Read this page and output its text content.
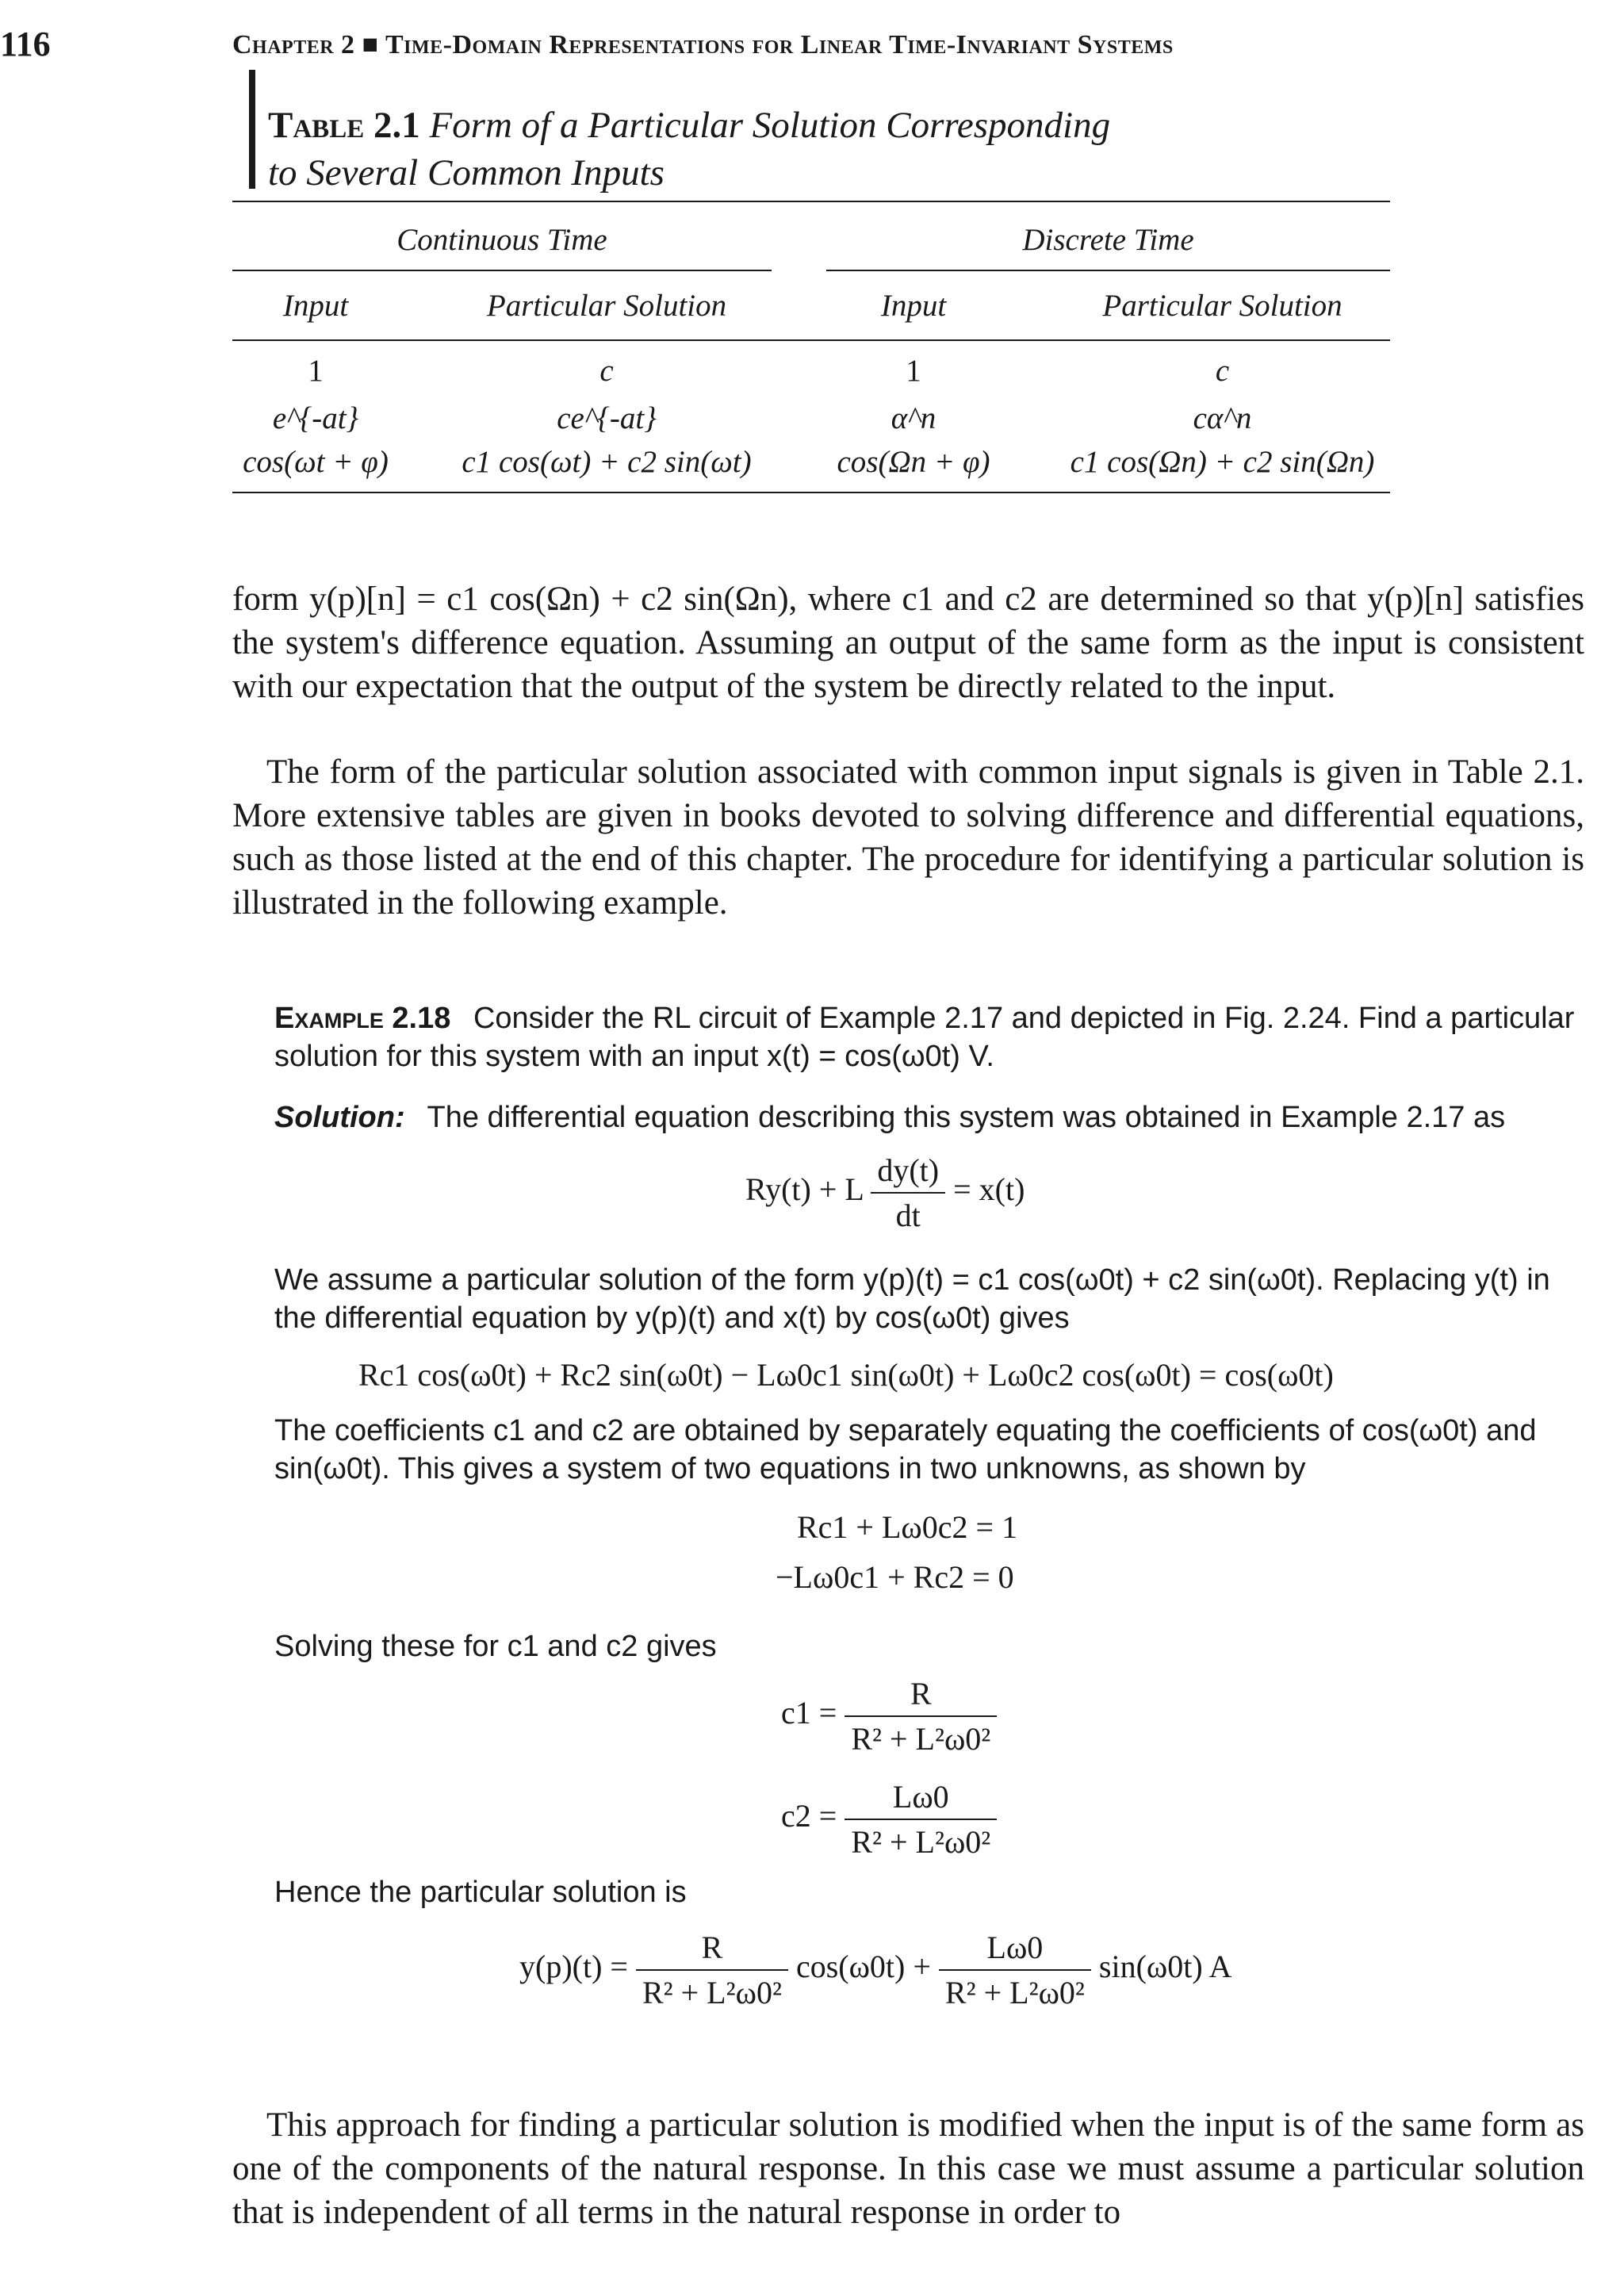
116	Chapter 2 ■ Time-Domain Representations for Linear Time-Invariant Systems
Table 2.1 Form of a Particular Solution Corresponding
to Several Common Inputs
Continuous Time	Discrete Time
Input	Particular Solution	Input	Particular Solution
1	c	1	c
e^{-at}	ce^{-at}	α^n	cα^n
cos(ωt + φ)	c1 cos(ωt) + c2 sin(ωt)	cos(Ωn + φ)	c1 cos(Ωn) + c2 sin(Ωn)
form y(p)[n] = c1 cos(Ωn) + c2 sin(Ωn), where c1 and c2 are determined so that y(p)[n] satisfies the system's difference equation. Assuming an output of the same form as the input is consistent with our expectation that the output of the system be directly related to the input.
The form of the particular solution associated with common input signals is given in Table 2.1. More extensive tables are given in books devoted to solving difference and differential equations, such as those listed at the end of this chapter. The procedure for identifying a particular solution is illustrated in the following example.
Example 2.18 Consider the RL circuit of Example 2.17 and depicted in Fig. 2.24. Find a particular solution for this system with an input x(t) = cos(ω0t) V.
Solution: The differential equation describing this system was obtained in Example 2.17 as
Ry(t) + L $\frac{dy(t)}{dt} = x(t)$
We assume a particular solution of the form y(p)(t) = c1 cos(ω0t) + c2 sin(ω0t). Replacing y(t) in the differential equation by y(p)(t) and x(t) by cos(ω0t) gives
Rc1 cos(ω0t) + Rc2 sin(ω0t) − Lω0c1 sin(ω0t) + Lω0c2 cos(ω0t) = cos(ω0t)
The coefficients c1 and c2 are obtained by separately equating the coefficients of cos(ω0t) and sin(ω0t). This gives a system of two equations in two unknowns, as shown by
Rc1 + Lω0c2 = 1
−Lω0c1 + Rc2 = 0
Solving these for c1 and c2 gives
$c1 = \frac{R}{\text{R² + L²ω0²}}$
$c2 = \frac{L\omega 0}{\text{R² + L²ω0²}}$
Hence the particular solution is
$y(p)(t) = \frac{R}{\text{R² + L²ω0²}} \cos(\omega 0t) + \frac{L\omega 0}{\text{R² + L²ω0²}} \sin(\omega 0t)$ A
This approach for finding a particular solution is modified when the input is of the same form as one of the components of the natural response. In this case we must assume a particular solution that is independent of all terms in the natural response in order to
